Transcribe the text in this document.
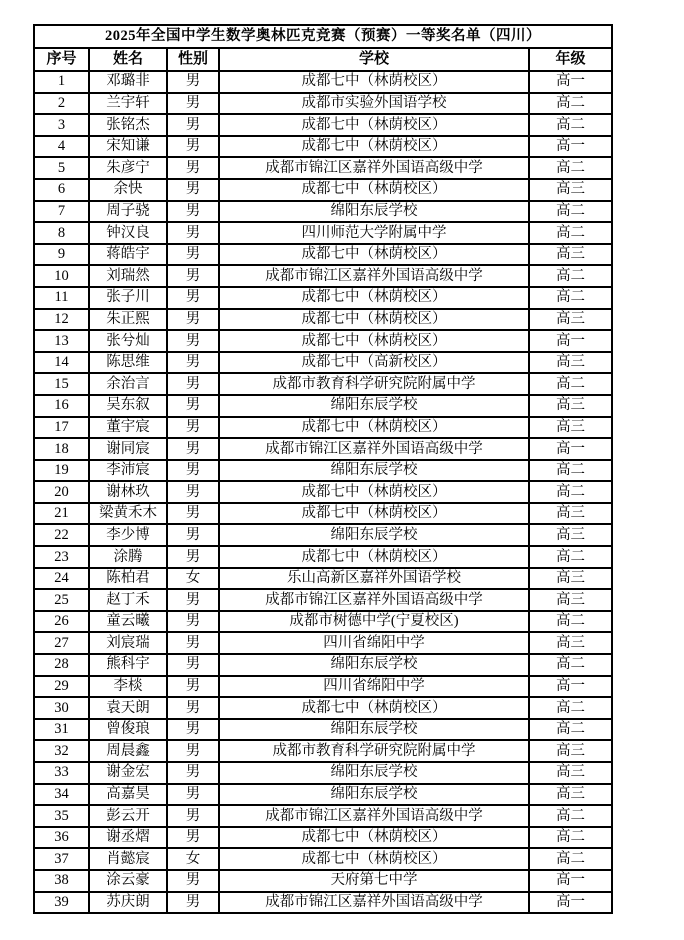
2025年全国中学生数学奥林匹克竞赛（预赛）一等奖名单（四川）				
序号	姓名	性别	学校	年级
1	邓璐非	男	成都七中（林荫校区）	高一
2	兰宇轩	男	成都市实验外国语学校	高二
3	张铭杰	男	成都七中（林荫校区）	高二
4	宋知谦	男	成都七中（林荫校区）	高一
5	朱彦宁	男	成都市锦江区嘉祥外国语高级中学	高二
6	余快	男	成都七中（林荫校区）	高三
7	周子骁	男	绵阳东辰学校	高二
8	钟汉良	男	四川师范大学附属中学	高二
9	蒋皓宇	男	成都七中（林荫校区）	高三
10	刘瑞然	男	成都市锦江区嘉祥外国语高级中学	高二
11	张子川	男	成都七中（林荫校区）	高二
12	朱正熙	男	成都七中（林荫校区）	高三
13	张兮灿	男	成都七中（林荫校区）	高一
14	陈思维	男	成都七中（高新校区）	高三
15	余治言	男	成都市教育科学研究院附属中学	高二
16	吴东叙	男	绵阳东辰学校	高三
17	董宇宸	男	成都七中（林荫校区）	高三
18	谢同宸	男	成都市锦江区嘉祥外国语高级中学	高一
19	李沛宸	男	绵阳东辰学校	高二
20	谢林玖	男	成都七中（林荫校区）	高二
21	梁黄禾木	男	成都七中（林荫校区）	高三
22	李少博	男	绵阳东辰学校	高三
23	涂腾	男	成都七中（林荫校区）	高二
24	陈柏君	女	乐山高新区嘉祥外国语学校	高三
25	赵丁禾	男	成都市锦江区嘉祥外国语高级中学	高三
26	童云曦	男	成都市树德中学(宁夏校区)	高二
27	刘宸瑞	男	四川省绵阳中学	高三
28	熊科宇	男	绵阳东辰学校	高二
29	李棪	男	四川省绵阳中学	高一
30	袁天朗	男	成都七中（林荫校区）	高二
31	曾俊琅	男	绵阳东辰学校	高二
32	周晨鑫	男	成都市教育科学研究院附属中学	高三
33	谢金宏	男	绵阳东辰学校	高三
34	高嘉昊	男	绵阳东辰学校	高三
35	彭云开	男	成都市锦江区嘉祥外国语高级中学	高二
36	谢丞熠	男	成都七中（林荫校区）	高二
37	肖懿宸	女	成都七中（林荫校区）	高二
38	涂云豪	男	天府第七中学	高一
39	苏庆朗	男	成都市锦江区嘉祥外国语高级中学	高一
